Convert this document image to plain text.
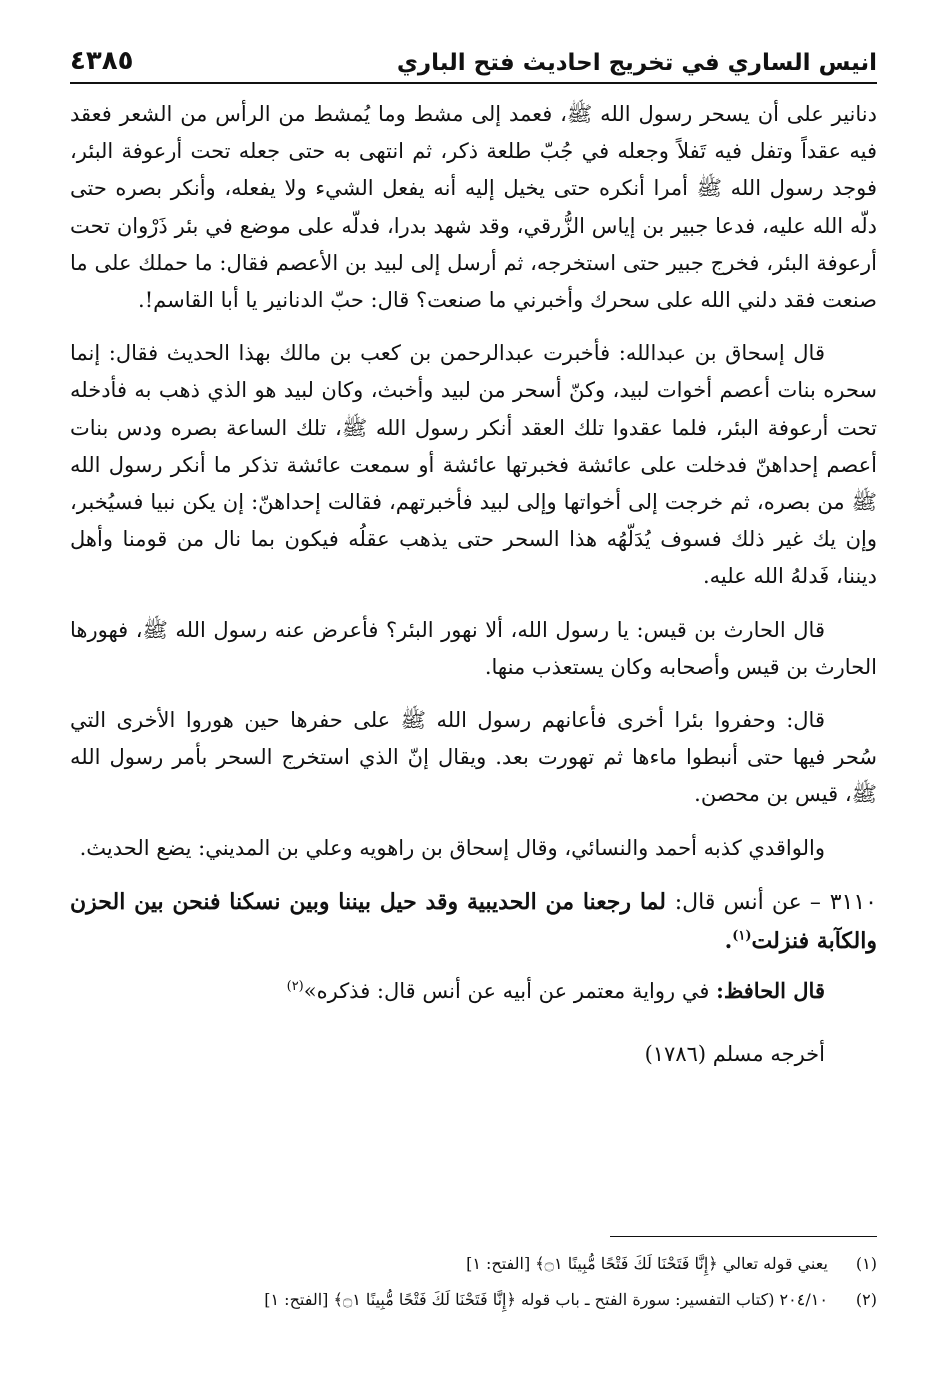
انيس الساري في تخريج احاديث فتح الباري
٤٣٨٥

دنانير على أن يسحر رسول الله ﷺ، فعمد إلى مشط وما يُمشط من الرأس من الشعر فعقد فيه عقداً وتفل فيه تَفلاً وجعله في جُبّ طلعة ذكر، ثم انتهى به حتى جعله تحت أرعوفة البئر، فوجد رسول الله ﷺ أمرا أنكره حتى يخيل إليه أنه يفعل الشيء ولا يفعله، وأنكر بصره حتى دلّه الله عليه، فدعا جبير بن إياس الزُّرقي، وقد شهد بدرا، فدلّه على موضع في بئر ذَرْوان تحت أرعوفة البئر، فخرج جبير حتى استخرجه، ثم أرسل إلى لبيد بن الأعصم فقال: ما حملك على ما صنعت فقد دلني الله على سحرك وأخبرني ما صنعت؟ قال: حبّ الدنانير يا أبا القاسم!.

قال إسحاق بن عبدالله: فأخبرت عبدالرحمن بن كعب بن مالك بهذا الحديث فقال: إنما سحره بنات أعصم أخوات لبيد، وكنّ أسحر من لبيد وأخبث، وكان لبيد هو الذي ذهب به فأدخله تحت أرعوفة البئر، فلما عقدوا تلك العقد أنكر رسول الله ﷺ، تلك الساعة بصره ودس بنات أعصم إحداهنّ فدخلت على عائشة فخبرتها عائشة أو سمعت عائشة تذكر ما أنكر رسول الله ﷺ من بصره، ثم خرجت إلى أخواتها وإلى لبيد فأخبرتهم، فقالت إحداهنّ: إن يكن نبيا فسيُخبر، وإن يك غير ذلك فسوف يُدَلّهُه هذا السحر حتى يذهب عقلُه فيكون بما نال من قومنا وأهل ديننا، فَدلهُ الله عليه.

قال الحارث بن قيس: يا رسول الله، ألا نهور البئر؟ فأعرض عنه رسول الله ﷺ، فهورها الحارث بن قيس وأصحابه وكان يستعذب منها.

قال: وحفروا بئرا أخرى فأعانهم رسول الله ﷺ على حفرها حين هوروا الأخرى التي سُحر فيها حتى أنبطوا ماءها ثم تهورت بعد. ويقال إنّ الذي استخرج السحر بأمر رسول الله ﷺ، قيس بن محصن.

والواقدي كذبه أحمد والنسائي، وقال إسحاق بن راهويه وعلي بن المديني: يضع الحديث.

٣١١٠ – عن أنس قال: لما رجعنا من الحديبية وقد حيل بيننا وبين نسكنا فنحن بين الحزن والكآبة فنزلت$^{(١)}$.

قال الحافظ: في رواية معتمر عن أبيه عن أنس قال: فذكره»$^{(٢)}$

أخرجه مسلم (١٧٨٦)

(١) يعني قوله تعالي ﴿إِنَّا فَتَحْنَا لَكَ فَتْحًا مُّبِينًا ۝١﴾ [الفتح: ١]
(٢) ٢٠٤/١٠ (كتاب التفسير: سورة الفتح ـ باب قوله ﴿إِنَّا فَتَحْنَا لَكَ فَتْحًا مُّبِينًا ۝١﴾ [الفتح: ١]
